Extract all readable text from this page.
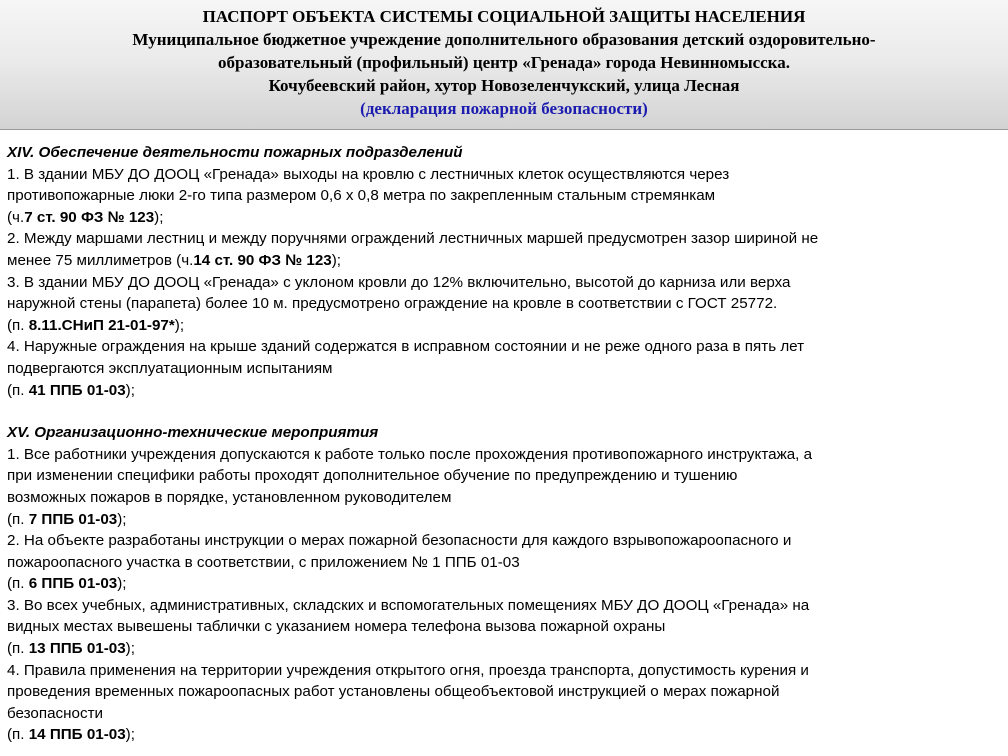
ПАСПОРТ ОБЪЕКТА СИСТЕМЫ СОЦИАЛЬНОЙ ЗАЩИТЫ НАСЕЛЕНИЯ

Муниципальное бюджетное учреждение дополнительного образования детский оздоровительно-

образовательный (профильный) центр «Гренада» города Невинномысска.

Кочубеевский район, хутор Новозеленчукский, улица Лесная

(декларация пожарной безопасности)

XIV. Обеспечение деятельности пожарных подразделений
1. В здании МБУ ДО ДООЦ «Гренада» выходы на кровлю с лестничных клеток осуществляются через
противопожарные люки 2-го типа размером 0,6 х 0,8 метра по закрепленным стальным стремянкам
(ч.7 ст. 90 ФЗ № 123);
2. Между маршами лестниц и между поручнями ограждений лестничных маршей предусмотрен зазор шириной не
менее 75 миллиметров (ч.14 ст. 90 ФЗ № 123);
3. В здании МБУ ДО ДООЦ «Гренада» с уклоном кровли до 12% включительно, высотой до карниза или верха
наружной стены (парапета) более 10 м. предусмотрено ограждение на кровле в соответствии с ГОСТ 25772.
(п. 8.11.СНиП 21-01-97*);
4. Наружные ограждения на крыше зданий содержатся в исправном состоянии и не реже одного раза в пять лет
подвергаются эксплуатационным испытаниям
(п. 41 ППБ 01-03);
XV. Организационно-технические мероприятия
1. Все работники учреждения допускаются к работе только после прохождения противопожарного инструктажа, а
при изменении специфики работы проходят дополнительное обучение по предупреждению и тушению
возможных пожаров в порядке, установленном руководителем
(п. 7 ППБ 01-03);
2. На объекте разработаны инструкции о мерах пожарной безопасности для каждого взрывопожароопасного и
пожароопасного участка в соответствии, с приложением № 1 ППБ 01-03
(п. 6 ППБ 01-03);
3. Во всех учебных, административных, складских и вспомогательных помещениях МБУ ДО ДООЦ «Гренада» на
видных местах вывешены таблички с указанием номера телефона вызова пожарной охраны
(п. 13 ППБ 01-03);
4. Правила применения на территории учреждения открытого огня, проезда транспорта, допустимость курения и
проведения временных пожароопасных работ установлены общеобъектовой инструкцией о мерах пожарной
безопасности
(п. 14 ППБ 01-03);
